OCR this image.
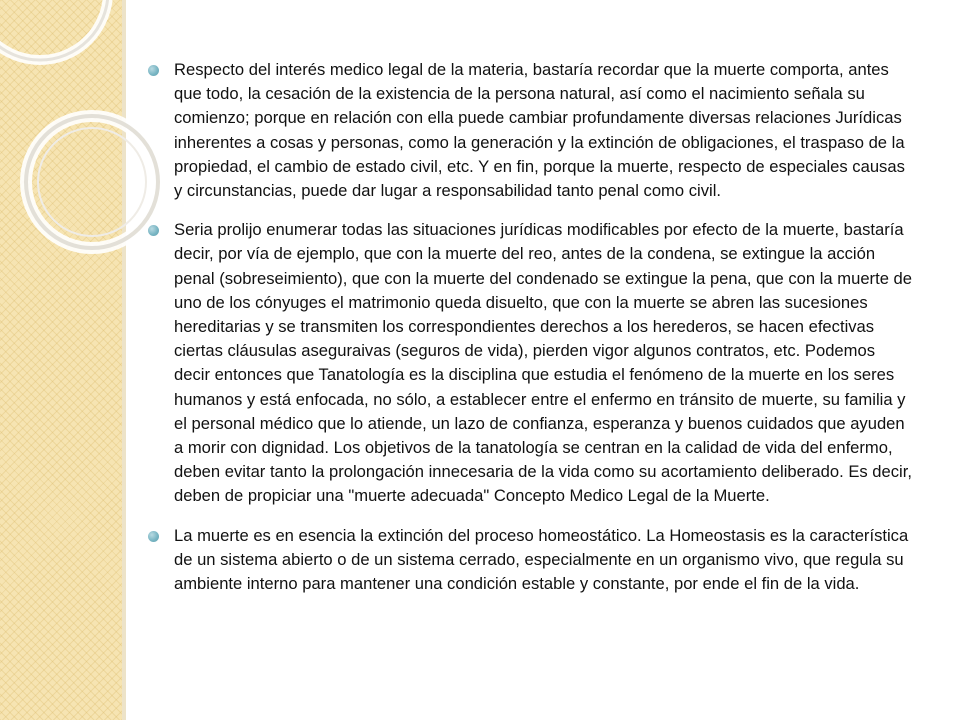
Respecto del interés medico legal de la materia, bastaría recordar que la muerte comporta, antes que todo, la cesación de la existencia de la persona natural, así como el nacimiento señala su comienzo; porque en relación con ella puede cambiar profundamente diversas relaciones Jurídicas inherentes a cosas y personas, como la generación y la extinción de obligaciones, el traspaso de la propiedad, el cambio de estado civil, etc. Y en fin, porque la muerte, respecto de especiales causas y circunstancias, puede dar lugar a responsabilidad tanto penal como civil.
Seria prolijo enumerar todas las situaciones jurídicas modificables por efecto de la muerte, bastaría decir, por vía de ejemplo, que con la muerte del reo, antes de la condena, se extingue la acción penal (sobreseimiento), que con la muerte del condenado se extingue la pena, que con la muerte de uno de los cónyuges el matrimonio queda disuelto, que con la muerte se abren las sucesiones hereditarias y se transmiten los correspondientes derechos a los herederos, se hacen efectivas ciertas cláusulas aseguraivas (seguros de vida), pierden vigor algunos contratos, etc. Podemos decir entonces que Tanatología es la disciplina que estudia el fenómeno de la muerte en los seres humanos y está enfocada, no sólo, a establecer entre el enfermo en tránsito de muerte, su familia y el personal médico que lo atiende, un lazo de confianza, esperanza y buenos cuidados que ayuden a morir con dignidad. Los objetivos de la tanatología se centran en la calidad de vida del enfermo, deben evitar tanto la prolongación innecesaria de la vida como su acortamiento deliberado. Es decir, deben de propiciar una "muerte adecuada" Concepto Medico Legal de la Muerte.
La muerte es en esencia la extinción del proceso homeostático. La Homeostasis es la característica de un sistema abierto o de un sistema cerrado, especialmente en un organismo vivo, que regula su ambiente interno para mantener una condición estable y constante, por ende el fin de la vida.
